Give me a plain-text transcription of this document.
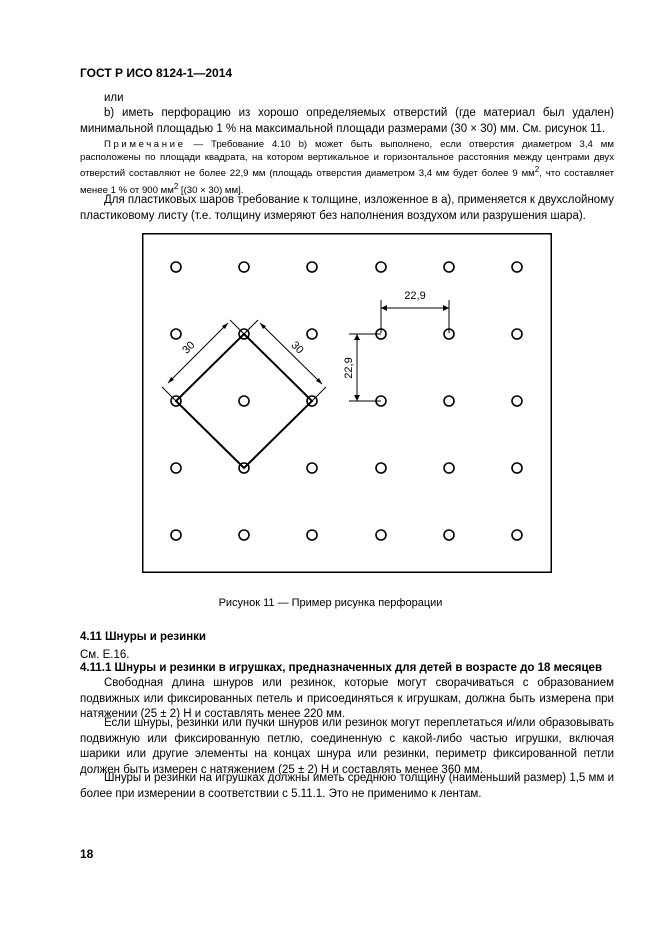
ГОСТ Р ИСО 8124-1—2014
или
b) иметь перфорацию из хорошо определяемых отверстий (где материал был удален) минимальной площадью 1 % на максимальной площади размерами (30 × 30) мм. См. рисунок 11.
Примечание — Требование 4.10 b) может быть выполнено, если отверстия диаметром 3,4 мм расположены по площади квадрата, на котором вертикальное и горизонтальное расстояния между центрами двух отверстий составляют не более 22,9 мм (площадь отверстия диаметром 3,4 мм будет более 9 $мм^2$, что составляет менее 1 % от 900 $мм^2$ [(30 × 30) мм].
Для пластиковых шаров требование к толщине, изложенное в а), применяется к двухслойному пластиковому листу (т.е. толщину измеряют без наполнения воздухом или разрушения шара).
22,9
22,9
30	30
Рисунок 11 — Пример рисунка перфорации
4.11 Шнуры и резинки
См. Е.16.
4.11.1 Шнуры и резинки в игрушках, предназначенных для детей в возрасте до 18 месяцев
Свободная длина шнуров или резинок, которые могут сворачиваться с образованием подвижных или фиксированных петель и присоединяться к игрушкам, должна быть измерена при натяжении (25 ± 2) Н и составлять менее 220 мм.
Если шнуры, резинки или пучки шнуров или резинок могут переплетаться и/или образовывать подвижную или фиксированную петлю, соединенную с какой-либо частью игрушки, включая шарики или другие элементы на концах шнура или резинки, периметр фиксированной петли должен быть измерен с натяжением (25 ± 2) Н и составлять менее 360 мм.
Шнуры и резинки на игрушках должны иметь среднюю толщину (наименьший размер) 1,5 мм и более при измерении в соответствии с 5.11.1. Это не применимо к лентам.
18
